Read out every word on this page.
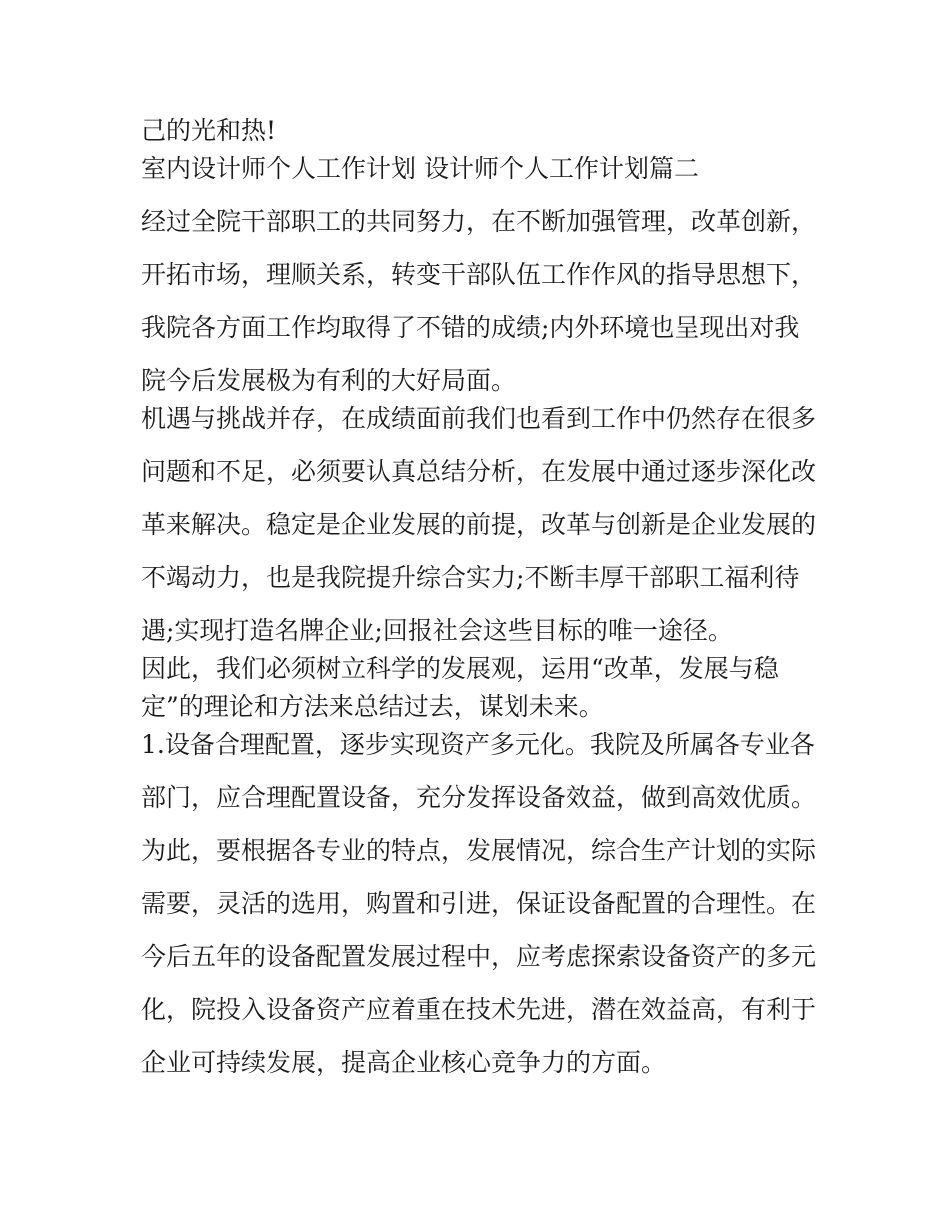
己的光和热!
室内设计师个人工作计划 设计师个人工作计划篇二
经过全院干部职工的共同努力，在不断加强管理，改革创新，
开拓市场，理顺关系，转变干部队伍工作作风的指导思想下，
我院各方面工作均取得了不错的成绩;内外环境也呈现出对我
院今后发展极为有利的大好局面。
机遇与挑战并存，在成绩面前我们也看到工作中仍然存在很多
问题和不足，必须要认真总结分析，在发展中通过逐步深化改
革来解决。稳定是企业发展的前提，改革与创新是企业发展的
不竭动力，也是我院提升综合实力;不断丰厚干部职工福利待
遇;实现打造名牌企业;回报社会这些目标的唯一途径。
因此，我们必须树立科学的发展观，运用“改革，发展与稳
定”的理论和方法来总结过去，谋划未来。
1.设备合理配置，逐步实现资产多元化。我院及所属各专业各
部门，应合理配置设备，充分发挥设备效益，做到高效优质。
为此，要根据各专业的特点，发展情况，综合生产计划的实际
需要，灵活的选用，购置和引进，保证设备配置的合理性。在
今后五年的设备配置发展过程中，应考虑探索设备资产的多元
化，院投入设备资产应着重在技术先进，潜在效益高，有利于
企业可持续发展，提高企业核心竞争力的方面。
